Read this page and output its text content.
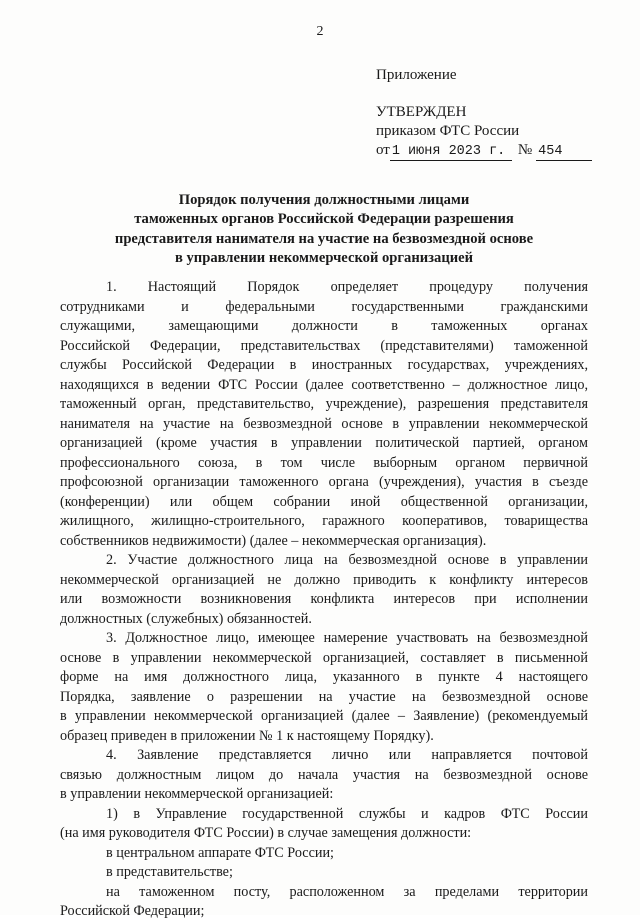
2
Приложение
УТВЕРЖДЕН
приказом ФТС России
от 1 июня 2023 г. № 454
Порядок получения должностными лицами
таможенных органов Российской Федерации разрешения
представителя нанимателя на участие на безвозмездной основе
в управлении некоммерческой организацией
1. Настоящий Порядок определяет процедуру получения
сотрудниками и федеральными государственными гражданскими
служащими, замещающими должности в таможенных органах
Российской Федерации, представительствах (представителями) таможенной
службы Российской Федерации в иностранных государствах, учреждениях,
находящихся в ведении ФТС России (далее соответственно – должностное лицо,
таможенный орган, представительство, учреждение), разрешения представителя
нанимателя на участие на безвозмездной основе в управлении некоммерческой
организацией (кроме участия в управлении политической партией, органом
профессионального союза, в том числе выборным органом первичной
профсоюзной организации таможенного органа (учреждения), участия в съезде
(конференции) или общем собрании иной общественной организации,
жилищного, жилищно-строительного, гаражного кооперативов, товарищества
собственников недвижимости) (далее – некоммерческая организация).
2. Участие должностного лица на безвозмездной основе в управлении
некоммерческой организацией не должно приводить к конфликту интересов
или возможности возникновения конфликта интересов при исполнении
должностных (служебных) обязанностей.
3. Должностное лицо, имеющее намерение участвовать на безвозмездной
основе в управлении некоммерческой организацией, составляет в письменной
форме на имя должностного лица, указанного в пункте 4 настоящего
Порядка, заявление о разрешении на участие на безвозмездной основе
в управлении некоммерческой организацией (далее – Заявление) (рекомендуемый
образец приведен в приложении № 1 к настоящему Порядку).
4. Заявление представляется лично или направляется почтовой
связью должностным лицом до начала участия на безвозмездной основе
в управлении некоммерческой организацией:
1) в Управление государственной службы и кадров ФТС России
(на имя руководителя ФТС России) в случае замещения должности:
в центральном аппарате ФТС России;
в представительстве;
на таможенном посту, расположенном за пределами территории
Российской Федерации;
